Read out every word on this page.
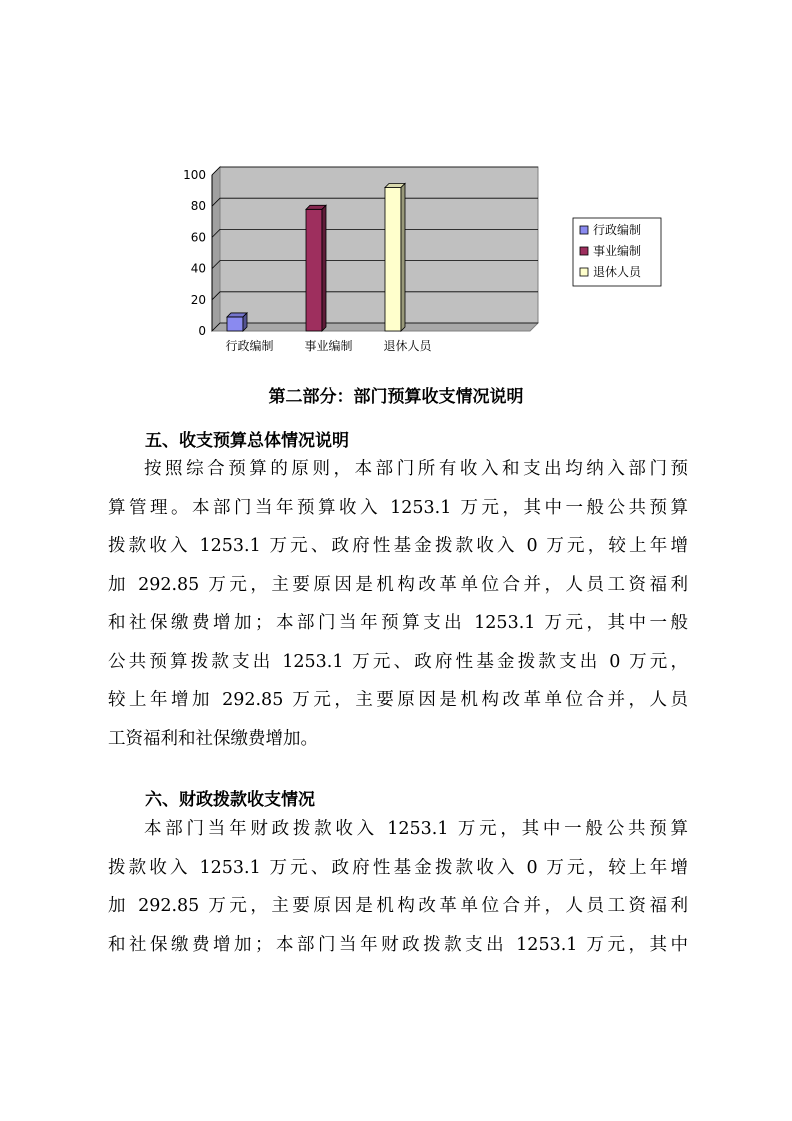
0
20
40
60
80
100
行政编制	事业编制	退休人员
行政编制
事业编制
退休人员
第二部分：部门预算收支情况说明
五、收支预算总体情况说明

按照综合预算的原则，本部门所有收入和支出均纳入部门预
算管理。本部门当年预算收入 1253.1 万元，其中一般公共预算
拨款收入 1253.1 万元、政府性基金拨款收入 0 万元，较上年增
加 292.85 万元，主要原因是机构改革单位合并，人员工资福利
和社保缴费增加；本部门当年预算支出 1253.1 万元，其中一般
公共预算拨款支出 1253.1 万元、政府性基金拨款支出 0 万元，
较上年增加 292.85 万元，主要原因是机构改革单位合并，人员
工资福利和社保缴费增加。

六、财政拨款收支情况

本部门当年财政拨款收入 1253.1 万元，其中一般公共预算
拨款收入 1253.1 万元、政府性基金拨款收入 0 万元，较上年增
加 292.85 万元，主要原因是机构改革单位合并，人员工资福利
和社保缴费增加；本部门当年财政拨款支出 1253.1 万元，其中
